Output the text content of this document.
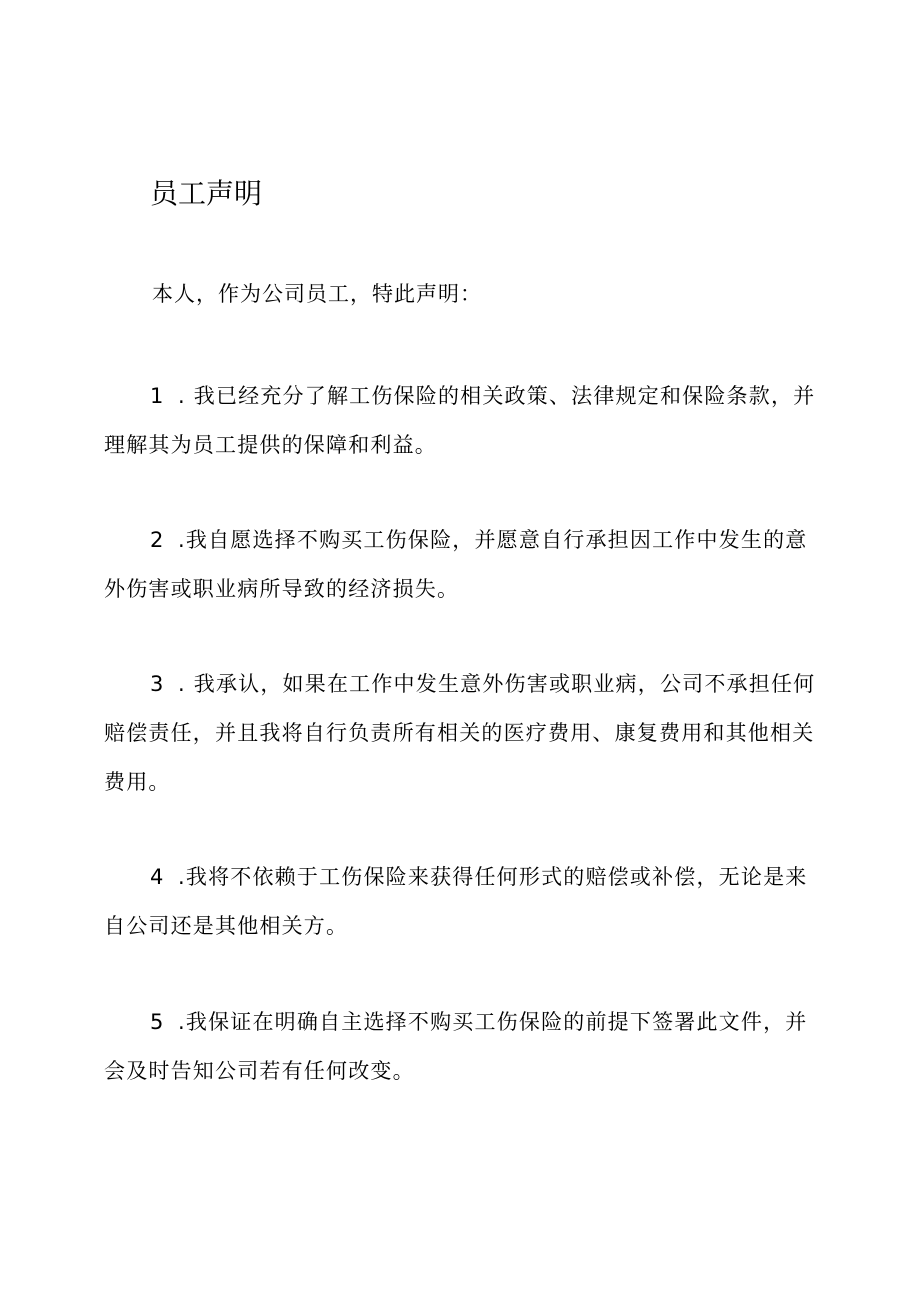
员工声明

本人，作为公司员工，特此声明：

1 . 我已经充分了解工伤保险的相关政策、法律规定和保险条款，并理解其为员工提供的保障和利益。

2 .我自愿选择不购买工伤保险，并愿意自行承担因工作中发生的意外伤害或职业病所导致的经济损失。

3 . 我承认，如果在工作中发生意外伤害或职业病，公司不承担任何赔偿责任，并且我将自行负责所有相关的医疗费用、康复费用和其他相关费用。

4 .我将不依赖于工伤保险来获得任何形式的赔偿或补偿，无论是来自公司还是其他相关方。

5 .我保证在明确自主选择不购买工伤保险的前提下签署此文件，并会及时告知公司若有任何改变。
